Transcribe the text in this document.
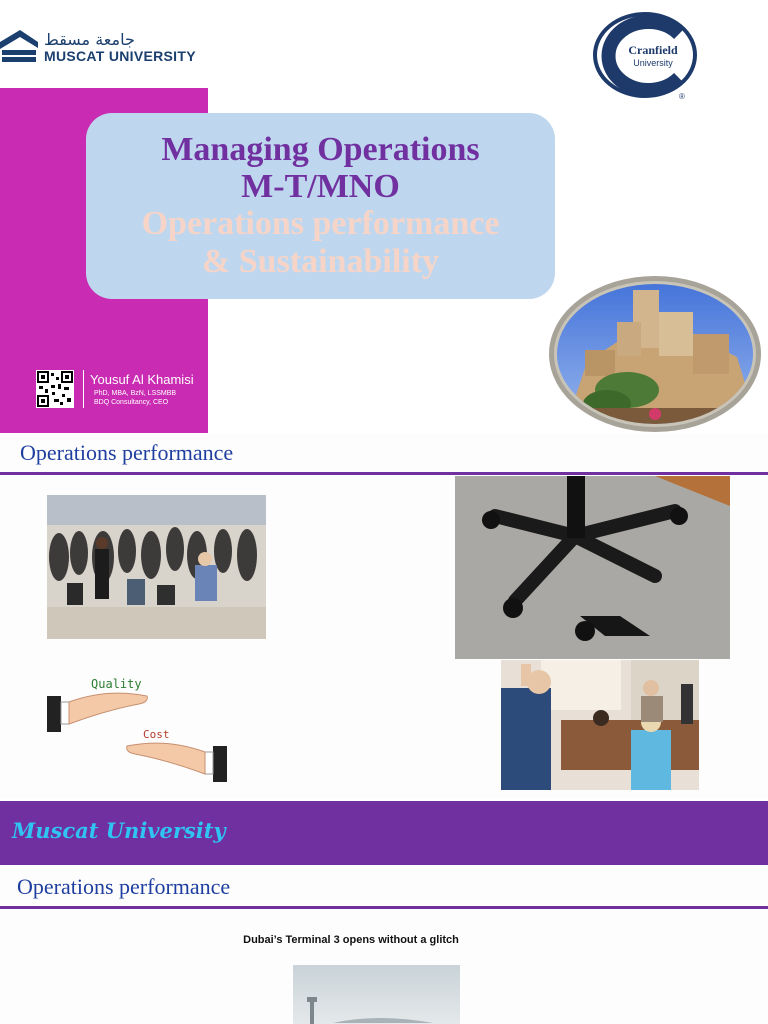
جامعة مسقط
MUSCAT UNIVERSITY	Cranfield
University
®
Managing Operations
M-T/MNO
Operations performance
& Sustainability
Yousuf Al Khamisi
PhD, MBA, BzN, LSSMBB
BDQ Consultancy, CEO
Operations performance
Quality
Cost
Muscat University
Operations performance
Dubai’s Terminal 3 opens without a glitch
